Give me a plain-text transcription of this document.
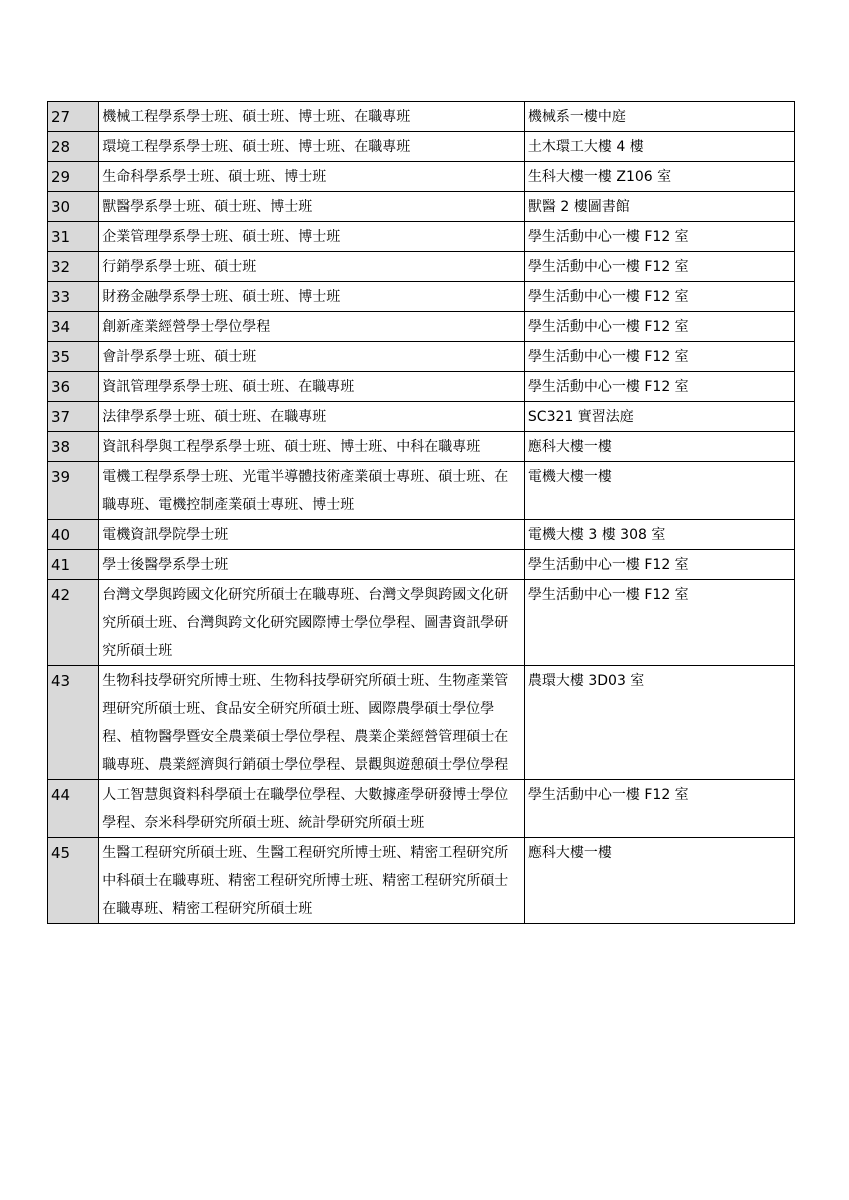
27	機械工程學系學士班、碩士班、博士班、在職專班	機械系一樓中庭
28	環境工程學系學士班、碩士班、博士班、在職專班	土木環工大樓 4 樓
29	生命科學系學士班、碩士班、博士班	生科大樓一樓 Z106 室
30	獸醫學系學士班、碩士班、博士班	獸醫 2 樓圖書館
31	企業管理學系學士班、碩士班、博士班	學生活動中心一樓 F12 室
32	行銷學系學士班、碩士班	學生活動中心一樓 F12 室
33	財務金融學系學士班、碩士班、博士班	學生活動中心一樓 F12 室
34	創新產業經營學士學位學程	學生活動中心一樓 F12 室
35	會計學系學士班、碩士班	學生活動中心一樓 F12 室
36	資訊管理學系學士班、碩士班、在職專班	學生活動中心一樓 F12 室
37	法律學系學士班、碩士班、在職專班	SC321 實習法庭
38	資訊科學與工程學系學士班、碩士班、博士班、中科在職專班	應科大樓一樓
39	電機工程學系學士班、光電半導體技術產業碩士專班、碩士班、在職專班、電機控制產業碩士專班、博士班	電機大樓一樓
40	電機資訊學院學士班	電機大樓 3 樓 308 室
41	學士後醫學系學士班	學生活動中心一樓 F12 室
42	台灣文學與跨國文化研究所碩士在職專班、台灣文學與跨國文化研究所碩士班、台灣與跨文化研究國際博士學位學程、圖書資訊學研究所碩士班	學生活動中心一樓 F12 室
43	生物科技學研究所博士班、生物科技學研究所碩士班、生物產業管理研究所碩士班、食品安全研究所碩士班、國際農學碩士學位學程、植物醫學暨安全農業碩士學位學程、農業企業經營管理碩士在職專班、農業經濟與行銷碩士學位學程、景觀與遊憩碩士學位學程	農環大樓 3D03 室
44	人工智慧與資料科學碩士在職學位學程、大數據產學研發博士學位學程、奈米科學研究所碩士班、統計學研究所碩士班	學生活動中心一樓 F12 室
45	生醫工程研究所碩士班、生醫工程研究所博士班、精密工程研究所中科碩士在職專班、精密工程研究所博士班、精密工程研究所碩士在職專班、精密工程研究所碩士班	應科大樓一樓
